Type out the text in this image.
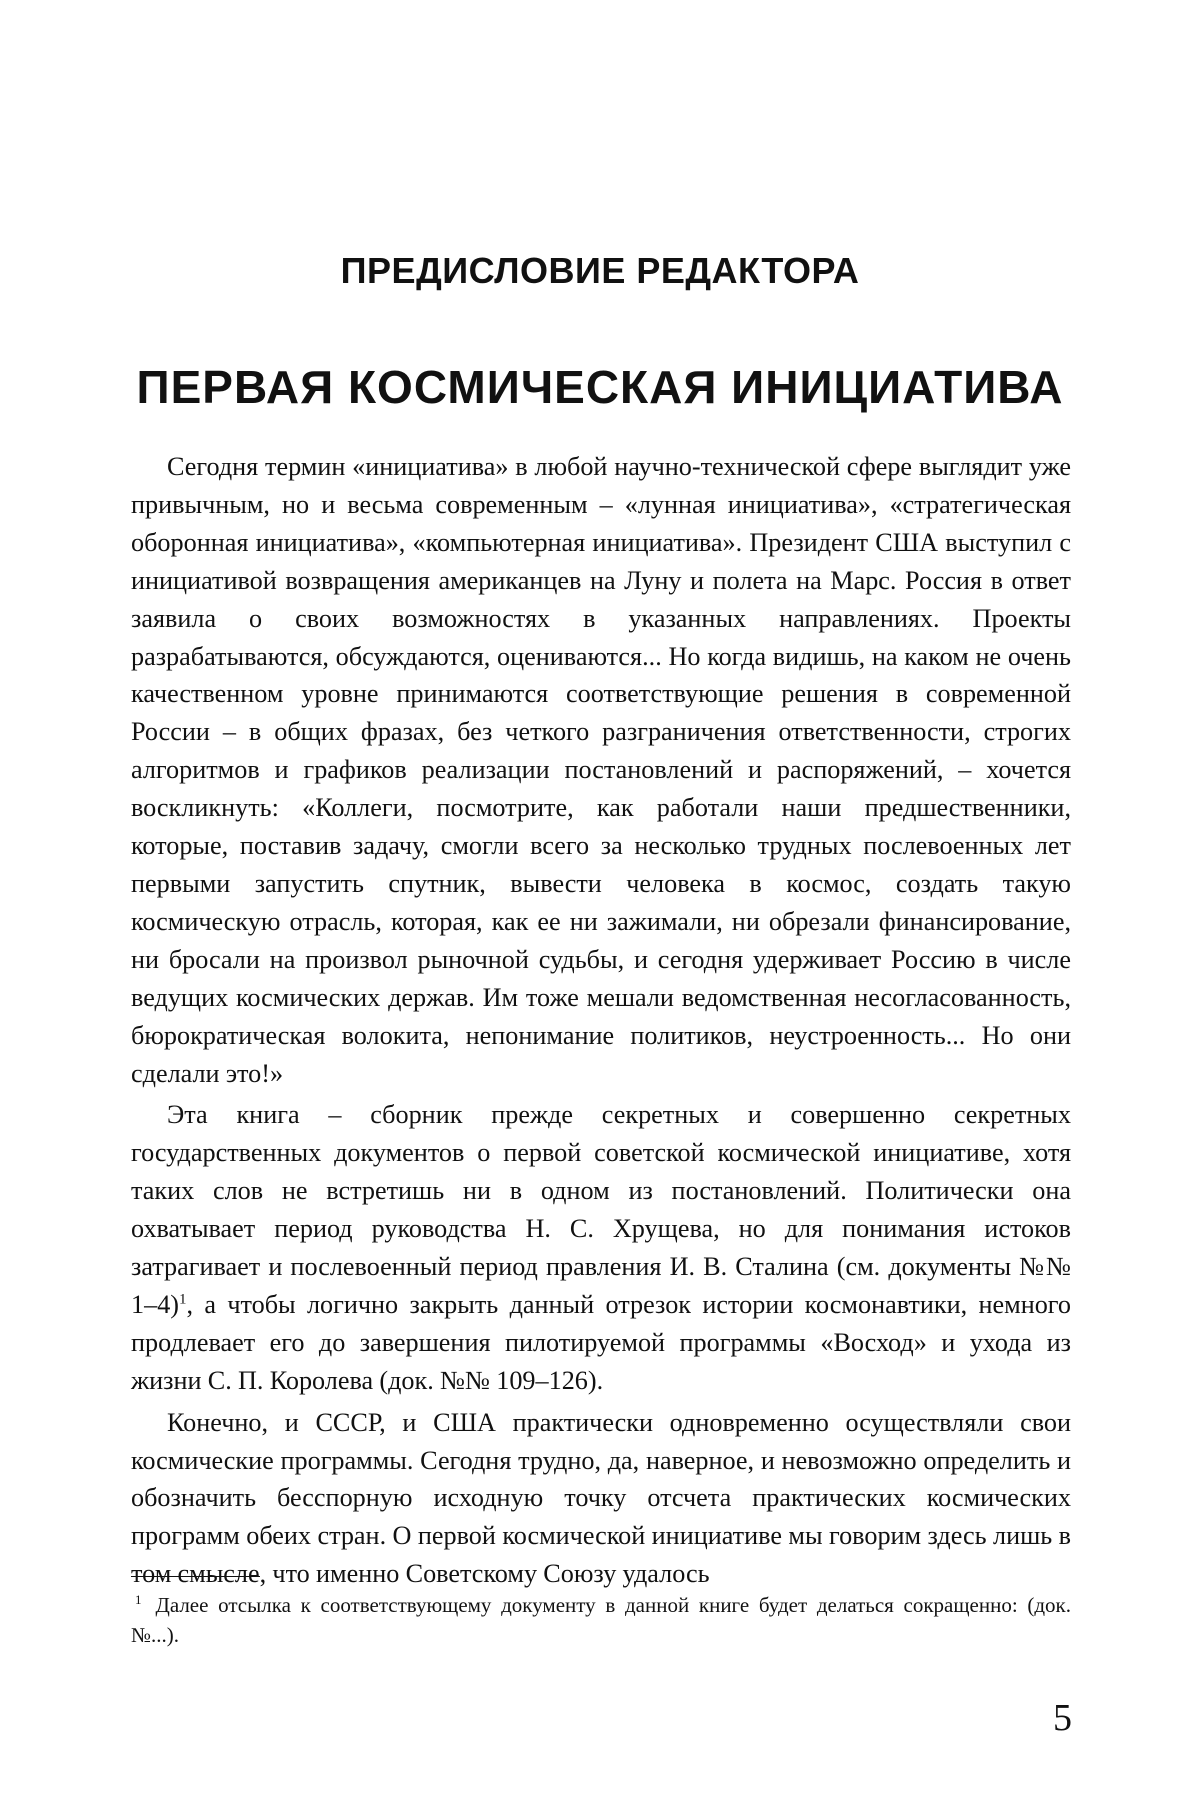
ПРЕДИСЛОВИЕ РЕДАКТОРА
ПЕРВАЯ КОСМИЧЕСКАЯ ИНИЦИАТИВА

Сегодня термин «инициатива» в любой научно-технической сфере выглядит уже привычным, но и весьма современным – «лунная инициатива», «стратегическая оборонная инициатива», «компьютерная инициатива». Президент США выступил с инициативой возвращения американцев на Луну и полета на Марс. Россия в ответ заявила о своих возможностях в указанных направлениях. Проекты разрабатываются, обсуждаются, оцениваются... Но когда видишь, на каком не очень качественном уровне принимаются соответствующие решения в современной России – в общих фразах, без четкого разграничения ответственности, строгих алгоритмов и графиков реализации постановлений и распоряжений, – хочется воскликнуть: «Коллеги, посмотрите, как работали наши предшественники, которые, поставив задачу, смогли всего за несколько трудных послевоенных лет первыми запустить спутник, вывести человека в космос, создать такую космическую отрасль, которая, как ее ни зажимали, ни обрезали финансирование, ни бросали на произвол рыночной судьбы, и сегодня удерживает Россию в числе ведущих космических держав. Им тоже мешали ведомственная несогласованность, бюрократическая волокита, непонимание политиков, неустроенность... Но они сделали это!»

Эта книга – сборник прежде секретных и совершенно секретных государственных документов о первой советской космической инициативе, хотя таких слов не встретишь ни в одном из постановлений. Политически она охватывает период руководства Н. С. Хрущева, но для понимания истоков затрагивает и послевоенный период правления И. В. Сталина (см. документы №№ 1–4)$^1$, а чтобы логично закрыть данный отрезок истории космонавтики, немного продлевает его до завершения пилотируемой программы «Восход» и ухода из жизни С. П. Королева (док. №№ 109–126).

Конечно, и СССР, и США практически одновременно осуществляли свои космические программы. Сегодня трудно, да, наверное, и невозможно определить и обозначить бесспорную исходную точку отсчета практических космических программ обеих стран. О первой космической инициативе мы говорим здесь лишь в том смысле, что именно Советскому Союзу удалось

$^1$ Далее отсылка к соответствующему документу в данной книге будет делаться сокращенно: (док. №...).
5
